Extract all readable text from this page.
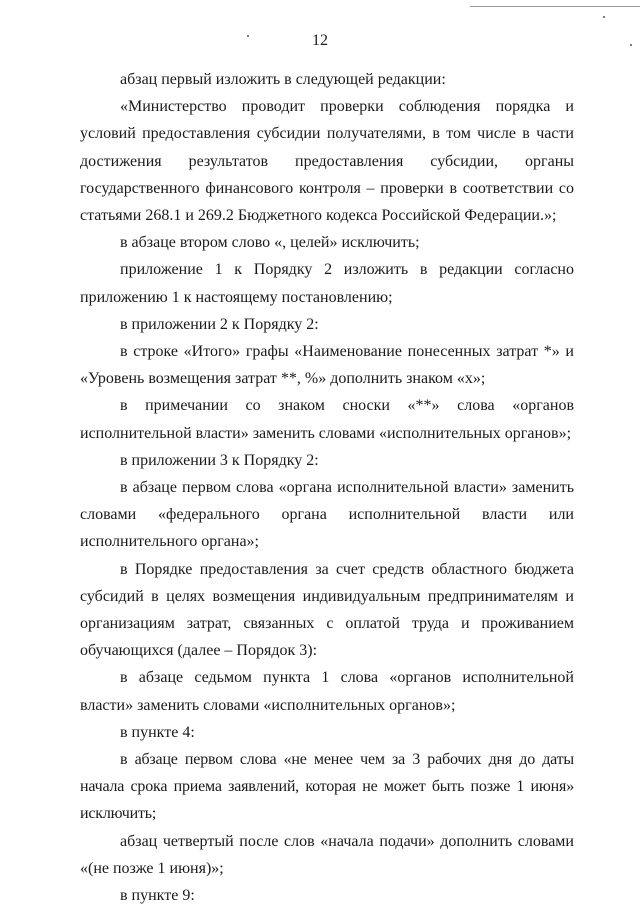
12

абзац первый изложить в следующей редакции:

«Министерство проводит проверки соблюдения порядка и условий предоставления субсидии получателями, в том числе в части достижения результатов предоставления субсидии, органы государственного финансового контроля – проверки в соответствии со статьями 268.1 и 269.2 Бюджетного кодекса Российской Федерации.»;

в абзаце втором слово «, целей» исключить;

приложение 1 к Порядку 2 изложить в редакции согласно приложению 1 к настоящему постановлению;

в приложении 2 к Порядку 2:

в строке «Итого» графы «Наименование понесенных затрат *» и «Уровень возмещения затрат **, %» дополнить знаком «х»;

в примечании со знаком сноски «**» слова «органов исполнительной власти» заменить словами «исполнительных органов»;

в приложении 3 к Порядку 2:

в абзаце первом слова «органа исполнительной власти» заменить словами «федерального органа исполнительной власти или исполнительного органа»;

в Порядке предоставления за счет средств областного бюджета субсидий в целях возмещения индивидуальным предпринимателям и организациям затрат, связанных с оплатой труда и проживанием обучающихся (далее – Порядок 3):

в абзаце седьмом пункта 1 слова «органов исполнительной власти» заменить словами «исполнительных органов»;

в пункте 4:

в абзаце первом слова «не менее чем за 3 рабочих дня до даты начала срока приема заявлений, которая не может быть позже 1 июня» исключить;

абзац четвертый после слов «начала подачи» дополнить словами «(не позже 1 июня)»;

в пункте 9:
